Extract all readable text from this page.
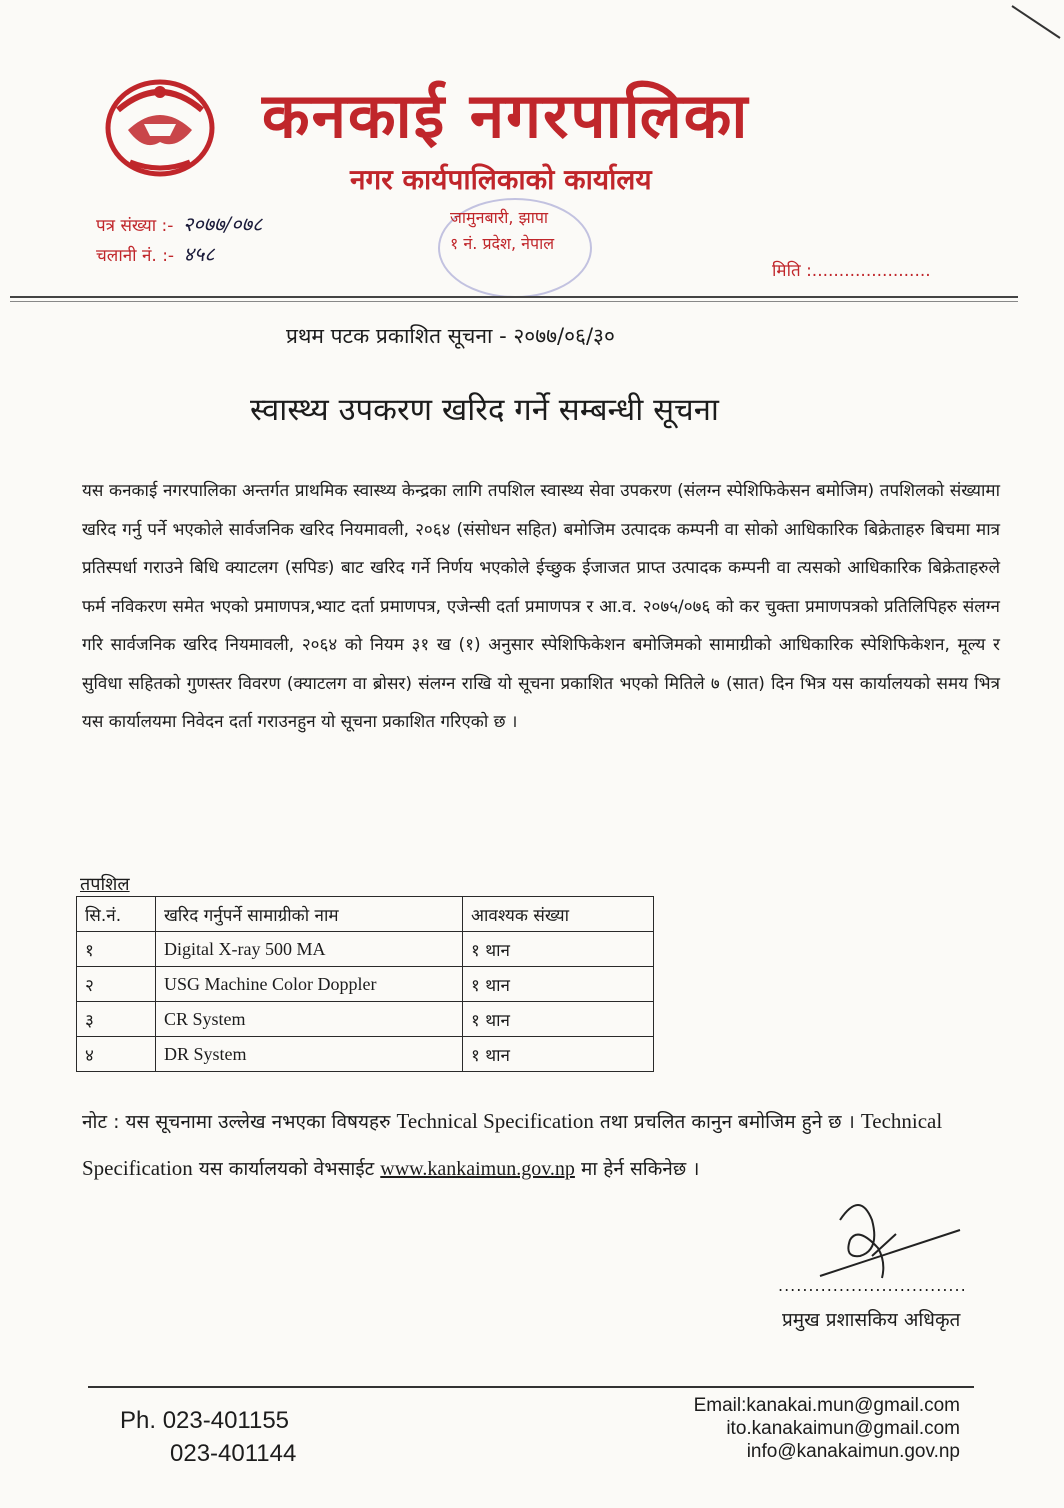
कनकाई नगरपालिका
नगर कार्यपालिकाको कार्यालय
पत्र संख्या :- २०७७/०७८
चलानी नं. :- ४५८
जामुनबारी, झापा
१ नं. प्रदेश, नेपाल
मिति :......................
प्रथम पटक प्रकाशित सूचना - २०७७/०६/३०
स्वास्थ्य उपकरण खरिद गर्ने सम्बन्धी सूचना
यस कनकाई नगरपालिका अन्तर्गत प्राथमिक स्वास्थ्य केन्द्रका लागि तपशिल स्वास्थ्य सेवा उपकरण (संलग्न स्पेशिफिकेसन बमोजिम) तपशिलको संख्यामा खरिद गर्नु पर्ने भएकोले सार्वजनिक खरिद नियमावली, २०६४ (संसोधन सहित) बमोजिम उत्पादक कम्पनी वा सोको आधिकारिक बिक्रेताहरु बिचमा मात्र प्रतिस्पर्धा गराउने बिधि क्याटलग (सपिङ) बाट खरिद गर्ने निर्णय भएकोले ईच्छुक ईजाजत प्राप्त उत्पादक कम्पनी वा त्यसको आधिकारिक बिक्रेताहरुले फर्म नविकरण समेत भएको प्रमाणपत्र,भ्याट दर्ता प्रमाणपत्र, एजेन्सी दर्ता प्रमाणपत्र र आ.व. २०७५/०७६ को कर चुक्ता प्रमाणपत्रको प्रतिलिपिहरु संलग्न गरि सार्वजनिक खरिद नियमावली, २०६४ को नियम ३१ ख (१) अनुसार स्पेशिफिकेशन बमोजिमको सामाग्रीको आधिकारिक स्पेशिफिकेशन, मूल्य र सुविधा सहितको गुणस्तर विवरण (क्याटलग वा ब्रोसर) संलग्न राखि यो सूचना प्रकाशित भएको मितिले ७ (सात) दिन भित्र यस कार्यालयको समय भित्र यस कार्यालयमा निवेदन दर्ता गराउनहुन यो सूचना प्रकाशित गरिएको छ ।
तपशिल
सि.नं.	खरिद गर्नुपर्ने सामाग्रीको नाम	आवश्यक संख्या
१	Digital X-ray 500 MA	१ थान
२	USG Machine Color Doppler	१ थान
३	CR System	१ थान
४	DR System	१ थान
नोट : यस सूचनामा उल्लेख नभएका विषयहरु Technical Specification तथा प्रचलित कानुन बमोजिम हुने छ । Technical Specification यस कार्यालयको वेभसाईट www.kankaimun.gov.np मा हेर्न सकिनेछ ।
...............................
प्रमुख प्रशासकिय अधिकृत
Ph. 023-401155
023-401144
Email:kanakai.mun@gmail.com
ito.kanakaimun@gmail.com
info@kanakaimun.gov.np
